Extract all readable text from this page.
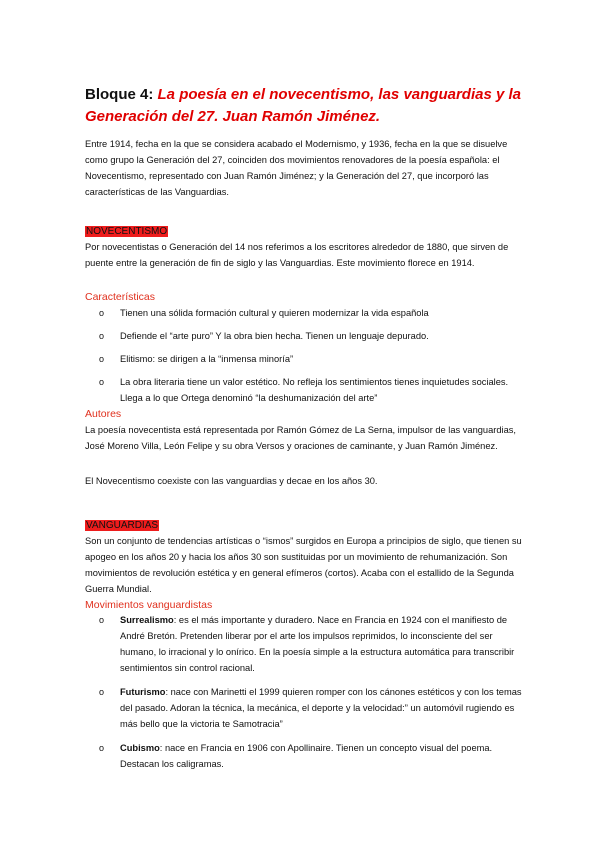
Bloque 4: La poesía en el novecentismo, las vanguardias y la Generación del 27. Juan Ramón Jiménez.

Entre 1914, fecha en la que se considera acabado el Modernismo, y 1936, fecha en la que se disuelve como grupo la Generación del 27, coinciden dos movimientos renovadores de la poesía española: el Novecentismo, representado con Juan Ramón Jiménez; y la Generación del 27, que incorporó las características de las Vanguardias.

NOVECENTISMO

Por novecentistas o Generación del 14 nos referimos a los escritores alrededor de 1880, que sirven de puente entre la generación de fin de siglo y las Vanguardias. Este movimiento florece en 1914.

Características

o Tienen una sólida formación cultural y quieren modernizar la vida española
o Defiende el “arte puro” Y la obra bien hecha. Tienen un lenguaje depurado.
o Elitismo: se dirigen a la “inmensa minoría”
o La obra literaria tiene un valor estético. No refleja los sentimientos tienes inquietudes sociales. Llega a lo que Ortega denominó “la deshumanización del arte”

Autores

La poesía novecentista está representada por Ramón Gómez de La Serna, impulsor de las vanguardias, José Moreno Villa, León Felipe y su obra Versos y oraciones de caminante, y Juan Ramón Jiménez.

El Novecentismo coexiste con las vanguardias y decae en los años 30.

VANGUARDIAS

Son un conjunto de tendencias artísticas o “ismos” surgidos en Europa a principios de siglo, que tienen su apogeo en los años 20 y hacia los años 30 son sustituidas por un movimiento de rehumanización. Son movimientos de revolución estética y en general efímeros (cortos). Acaba con el estallido de la Segunda Guerra Mundial.

Movimientos vanguardistas

o Surrealismo: es el más importante y duradero. Nace en Francia en 1924 con el manifiesto de André Bretón. Pretenden liberar por el arte los impulsos reprimidos, lo inconsciente del ser humano, lo irracional y lo onírico. En la poesía simple a la estructura automática para transcribir sentimientos sin control racional.
o Futurismo: nace con Marinetti el 1999 quieren romper con los cánones estéticos y con los temas del pasado. Adoran la técnica, la mecánica, el deporte y la velocidad:” un automóvil rugiendo es más bello que la victoria te Samotracia”
o Cubismo: nace en Francia en 1906 con Apollinaire. Tienen un concepto visual del poema. Destacan los caligramas.
